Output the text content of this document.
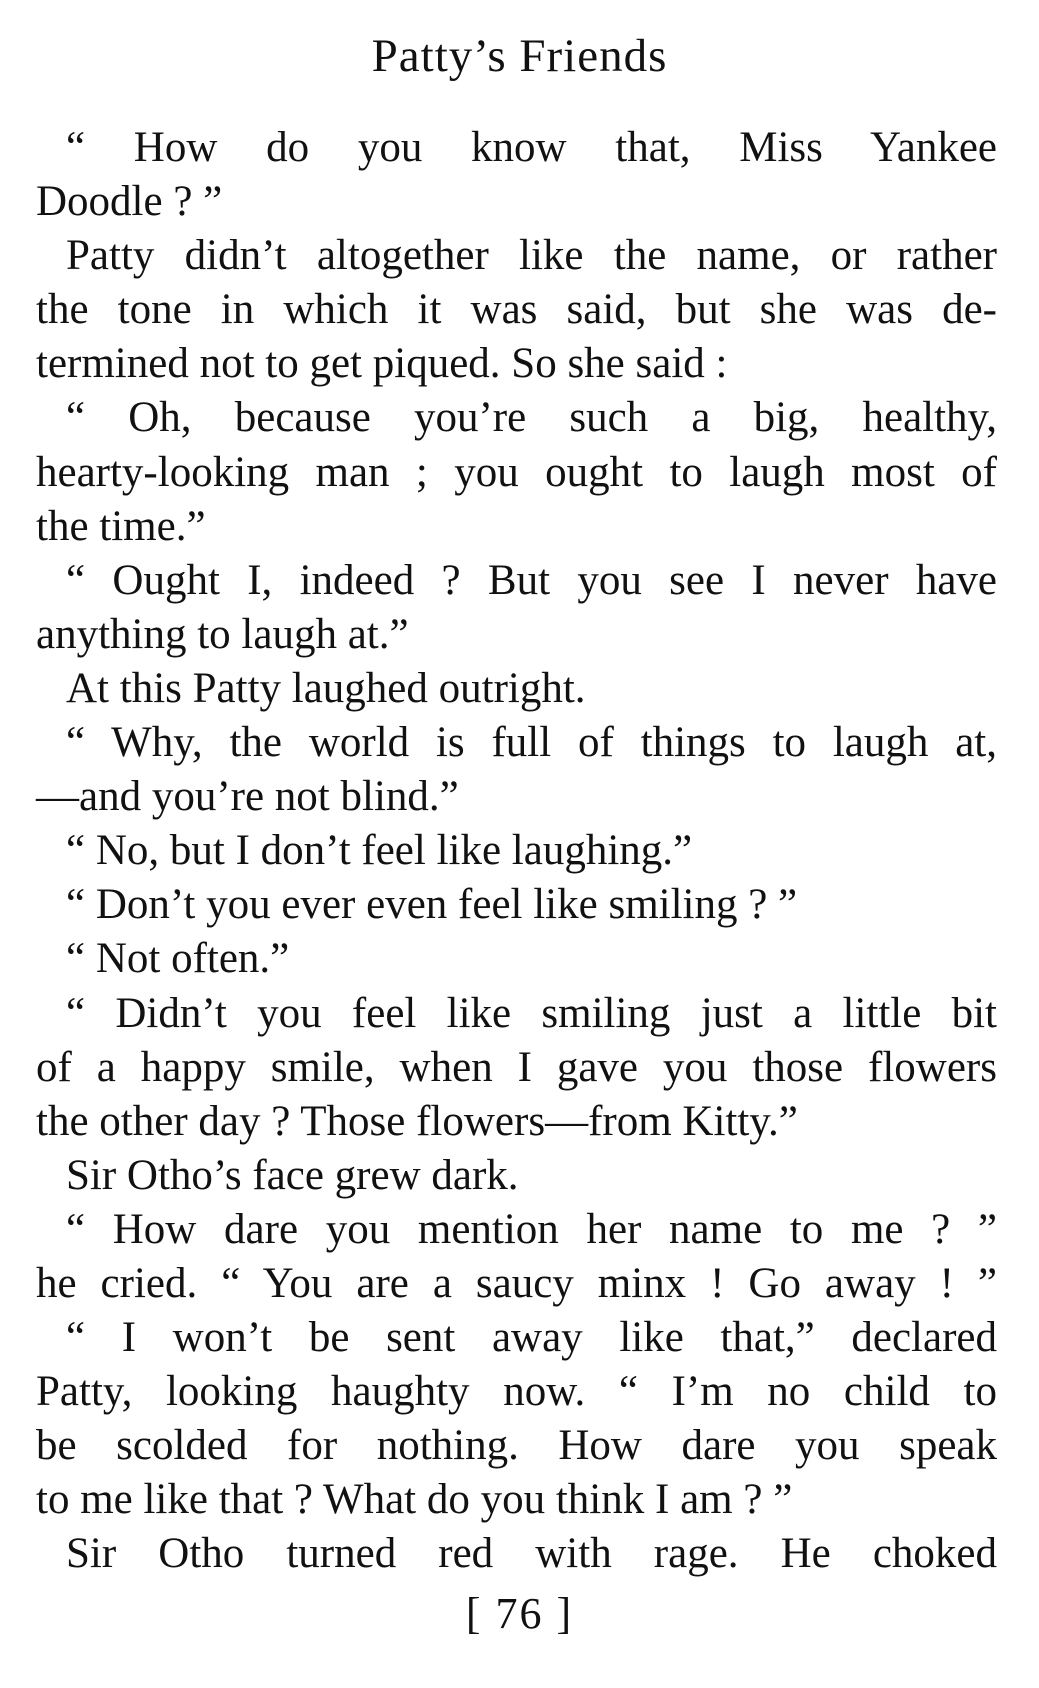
Patty’s Friends
“ How do you know that, Miss Yankee
Doodle ? ”
Patty didn’t altogether like the name, or rather
the tone in which it was said, but she was de-
termined not to get piqued. So she said :
“ Oh, because you’re such a big, healthy,
hearty-looking man ; you ought to laugh most of
the time.”
“ Ought I, indeed ? But you see I never have
anything to laugh at.”
At this Patty laughed outright.
“ Why, the world is full of things to laugh at,
—and you’re not blind.”
“ No, but I don’t feel like laughing.”
“ Don’t you ever even feel like smiling ? ”
“ Not often.”
“ Didn’t you feel like smiling just a little bit
of a happy smile, when I gave you those flowers
the other day ? Those flowers—from Kitty.”
Sir Otho’s face grew dark.
“ How dare you mention her name to me ? ”
he cried. “ You are a saucy minx ! Go away ! ”
“ I won’t be sent away like that,” declared
Patty, looking haughty now. “ I’m no child to
be scolded for nothing. How dare you speak
to me like that ? What do you think I am ? ”
Sir Otho turned red with rage. He choked
[ 76 ]
